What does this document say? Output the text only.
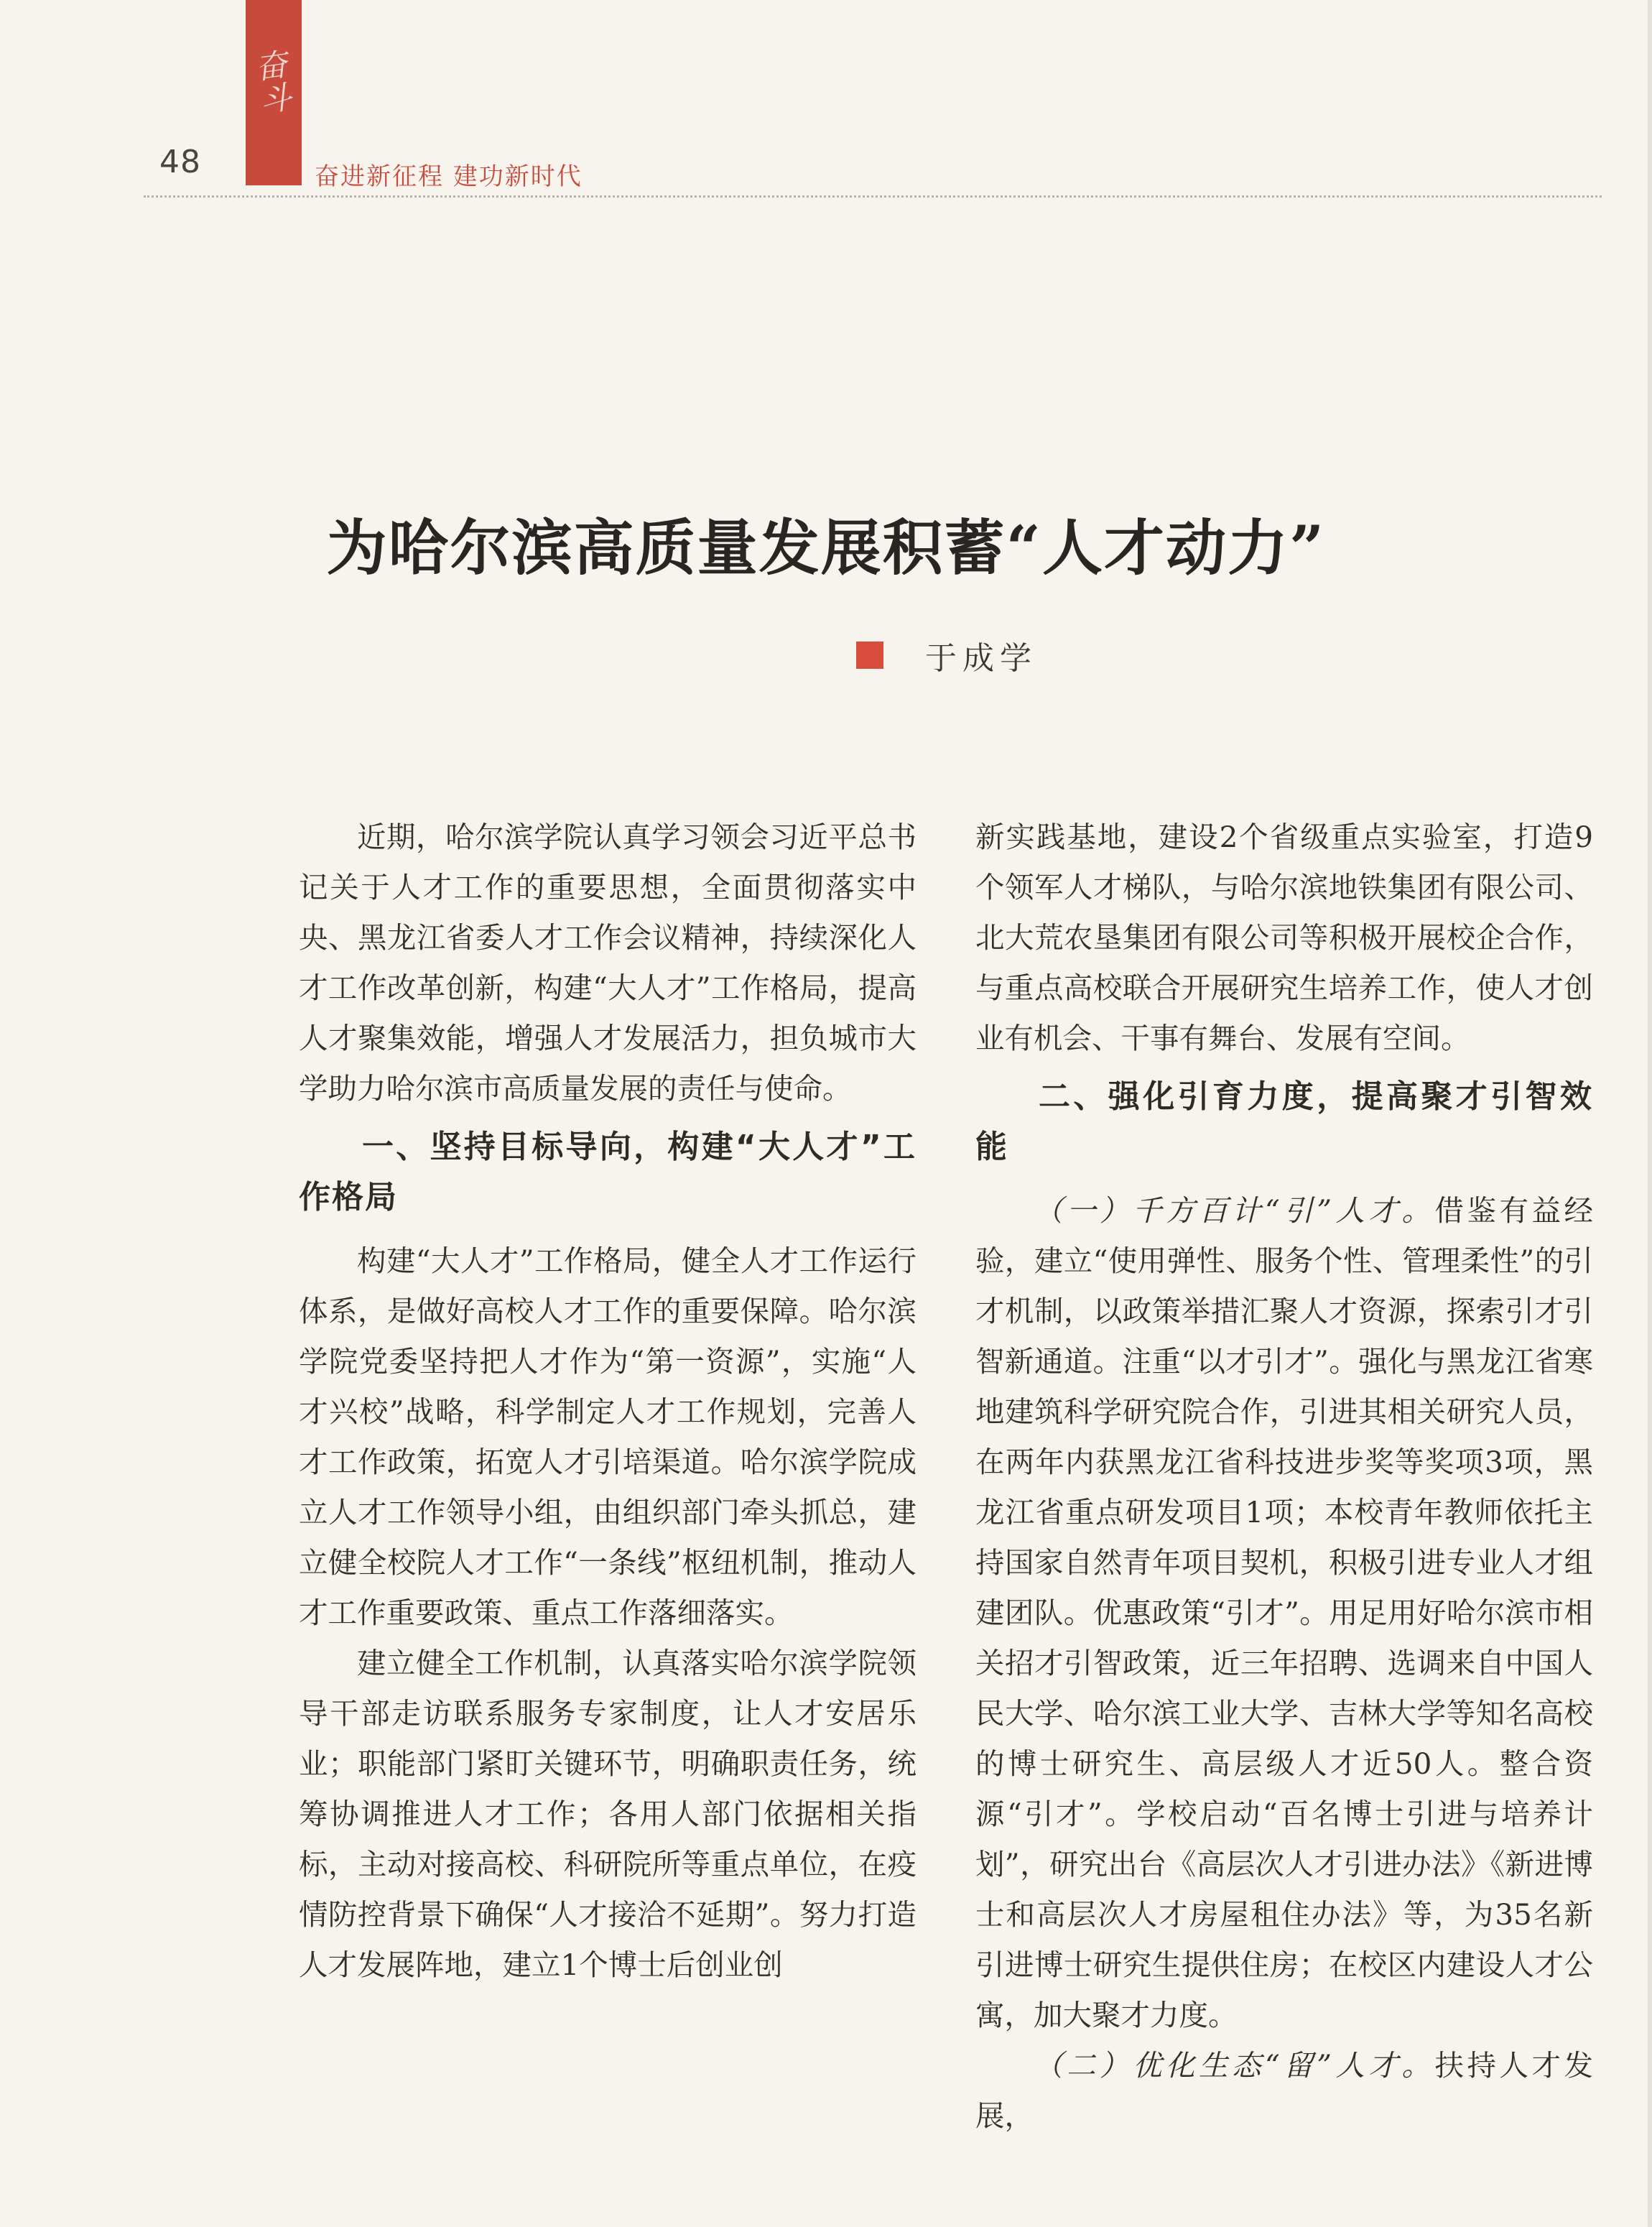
奋斗
48	奋进新征程 建功新时代
为哈尔滨高质量发展积蓄“人才动力”
于成学

近期，哈尔滨学院认真学习领会习近平总书记关于人才工作的重要思想，全面贯彻落实中央、黑龙江省委人才工作会议精神，持续深化人才工作改革创新，构建“大人才”工作格局，提高人才聚集效能，增强人才发展活力，担负城市大学助力哈尔滨市高质量发展的责任与使命。

一、坚持目标导向，构建“大人才”工作格局

构建“大人才”工作格局，健全人才工作运行体系，是做好高校人才工作的重要保障。哈尔滨学院党委坚持把人才作为“第一资源”，实施“人才兴校”战略，科学制定人才工作规划，完善人才工作政策，拓宽人才引培渠道。哈尔滨学院成立人才工作领导小组，由组织部门牵头抓总，建立健全校院人才工作“一条线”枢纽机制，推动人才工作重要政策、重点工作落细落实。

建立健全工作机制，认真落实哈尔滨学院领导干部走访联系服务专家制度，让人才安居乐业；职能部门紧盯关键环节，明确职责任务，统筹协调推进人才工作；各用人部门依据相关指标，主动对接高校、科研院所等重点单位，在疫情防控背景下确保“人才接洽不延期”。努力打造人才发展阵地，建立1个博士后创业创

新实践基地，建设2个省级重点实验室，打造9个领军人才梯队，与哈尔滨地铁集团有限公司、北大荒农垦集团有限公司等积极开展校企合作，与重点高校联合开展研究生培养工作，使人才创业有机会、干事有舞台、发展有空间。

二、强化引育力度，提高聚才引智效能

（一）千方百计“引”人才。借鉴有益经验，建立“使用弹性、服务个性、管理柔性”的引才机制，以政策举措汇聚人才资源，探索引才引智新通道。注重“以才引才”。强化与黑龙江省寒地建筑科学研究院合作，引进其相关研究人员，在两年内获黑龙江省科技进步奖等奖项3项，黑龙江省重点研发项目1项；本校青年教师依托主持国家自然青年项目契机，积极引进专业人才组建团队。优惠政策“引才”。用足用好哈尔滨市相关招才引智政策，近三年招聘、选调来自中国人民大学、哈尔滨工业大学、吉林大学等知名高校的博士研究生、高层级人才近50人。整合资源“引才”。学校启动“百名博士引进与培养计划”，研究出台《高层次人才引进办法》《新进博士和高层次人才房屋租住办法》等，为35名新引进博士研究生提供住房；在校区内建设人才公寓，加大聚才力度。

（二）优化生态“留”人才。扶持人才发展，
